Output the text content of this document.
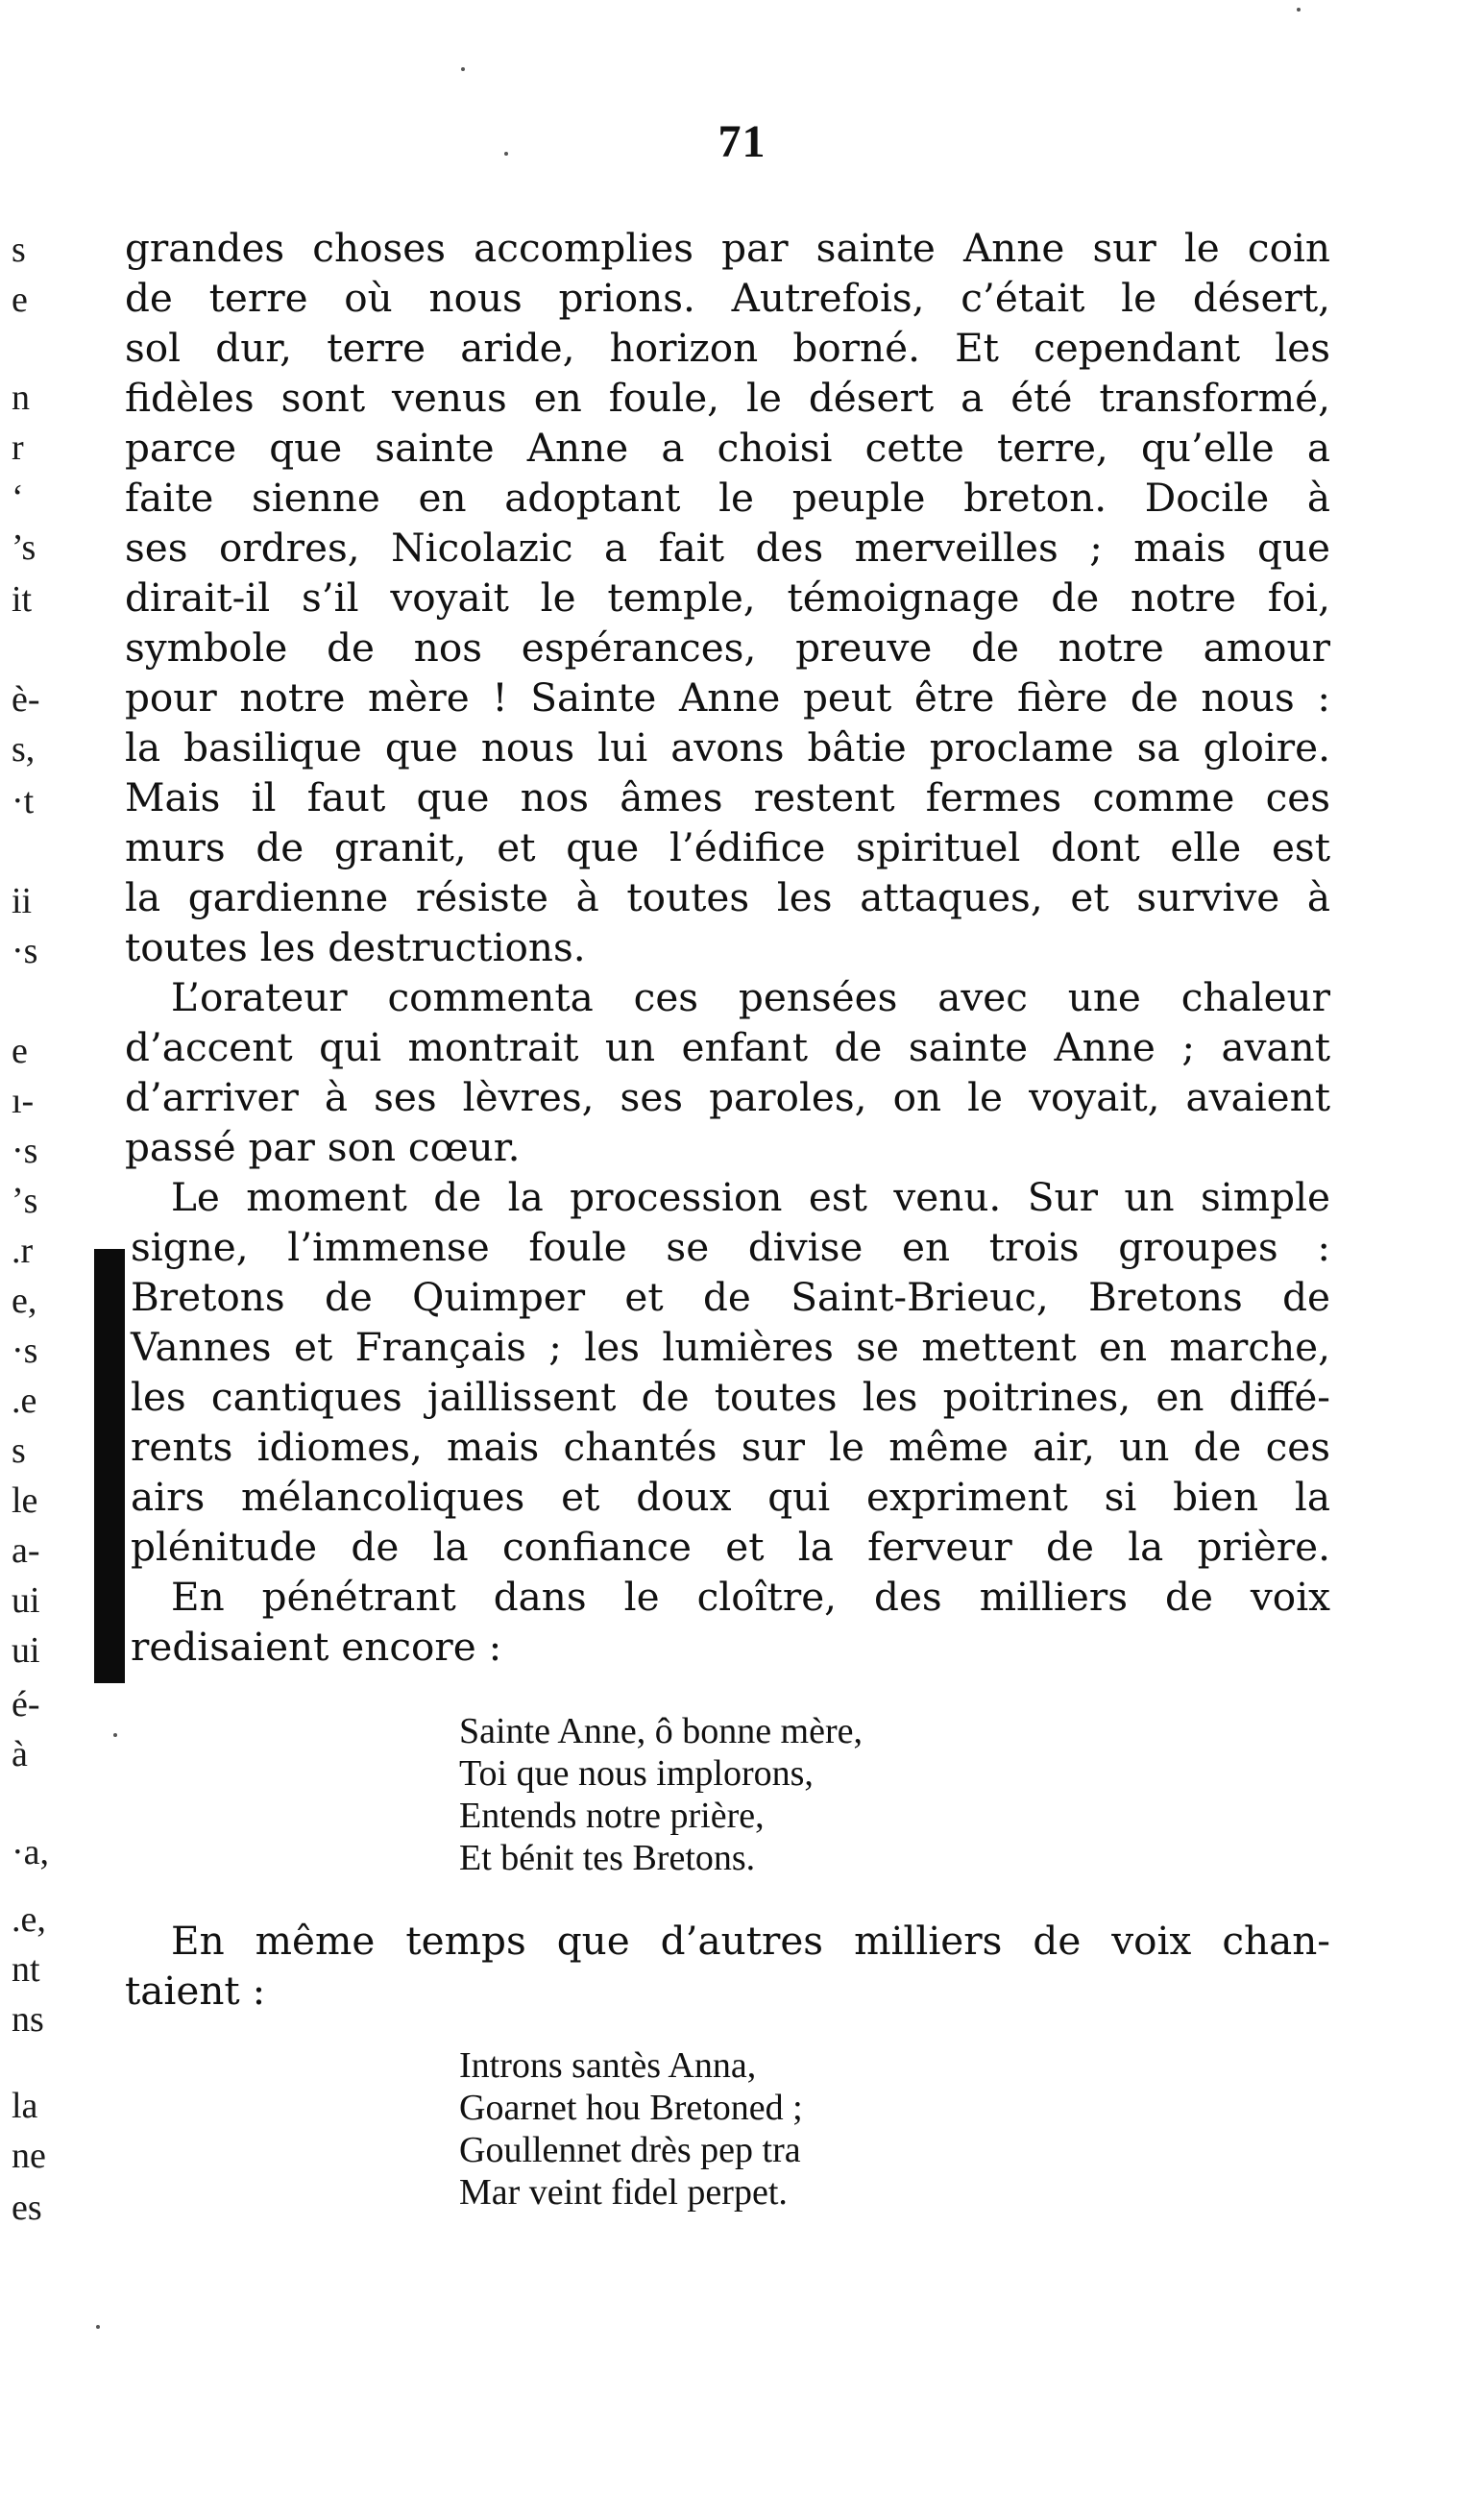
71
s
e
n
r
‘
’s
it
è-
s,
·t
ii
·s
e
ı-
·s
ʼs
.r
e,
·s
.e
s
le
a-
ui
ui
é-
à
·a,
.e,
nt
ns
la
ne
es
grandes choses accomplies par sainte Anne sur le coin
de terre où nous prions. Autrefois, c’était le désert,
sol dur, terre aride, horizon borné. Et cependant les
fidèles sont venus en foule, le désert a été transformé,
parce que sainte Anne a choisi cette terre, qu’elle a
faite sienne en adoptant le peuple breton. Docile à
ses ordres, Nicolazic a fait des merveilles ; mais que
dirait-il s’il voyait le temple, témoignage de notre foi,
symbole de nos espérances, preuve de notre amour
pour notre mère ! Sainte Anne peut être fière de nous :
la basilique que nous lui avons bâtie proclame sa gloire.
Mais il faut que nos âmes restent fermes comme ces
murs de granit, et que l’édifice spirituel dont elle est
la gardienne résiste à toutes les attaques, et survive à
toutes les destructions.
L’orateur commenta ces pensées avec une chaleur
d’accent qui montrait un enfant de sainte Anne ; avant
d’arriver à ses lèvres, ses paroles, on le voyait, avaient
passé par son cœur.
Le moment de la procession est venu. Sur un simple
signe, l’immense foule se divise en trois groupes :
Bretons de Quimper et de Saint-Brieuc, Bretons de
Vannes et Français ; les lumières se mettent en marche,
les cantiques jaillissent de toutes les poitrines, en diffé-
rents idiomes, mais chantés sur le même air, un de ces
airs mélancoliques et doux qui expriment si bien la
plénitude de la confiance et la ferveur de la prière.
En pénétrant dans le cloître, des milliers de voix
redisaient encore :
Sainte Anne, ô bonne mère,
Toi que nous implorons,
Entends notre prière,
Et bénit tes Bretons.
En même temps que d’autres milliers de voix chan-
taient :
Introns santès Anna,
Goarnet hou Bretoned ;
Goullennet drès pep tra
Mar veint fidel perpet.
